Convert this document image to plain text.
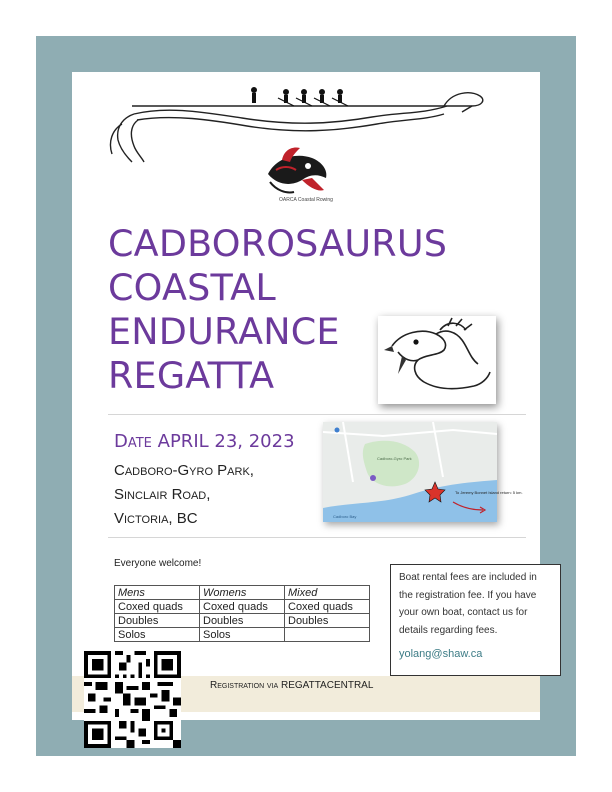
OARCA Coastal Rowing
CADBOROSAURUS
COASTAL
ENDURANCE
REGATTA
Date APRIL 23, 2023
Cadboro-Gyro Park,
Sinclair Road,
Victoria, BC
To Jeremy Bonnet Island return: 5 km.
Cadboro-Gyro Park
Cadboro Bay
Everyone welcome!
Mens	Womens	Mixed
Coxed quads	Coxed quads	Coxed quads
Doubles	Doubles	Doubles
Solos	Solos	
Boat rental fees are included in the registration fee. If you have your own boat, contact us for details regarding fees.
yolang@shaw.ca
Registration via REGATTACENTRAL
